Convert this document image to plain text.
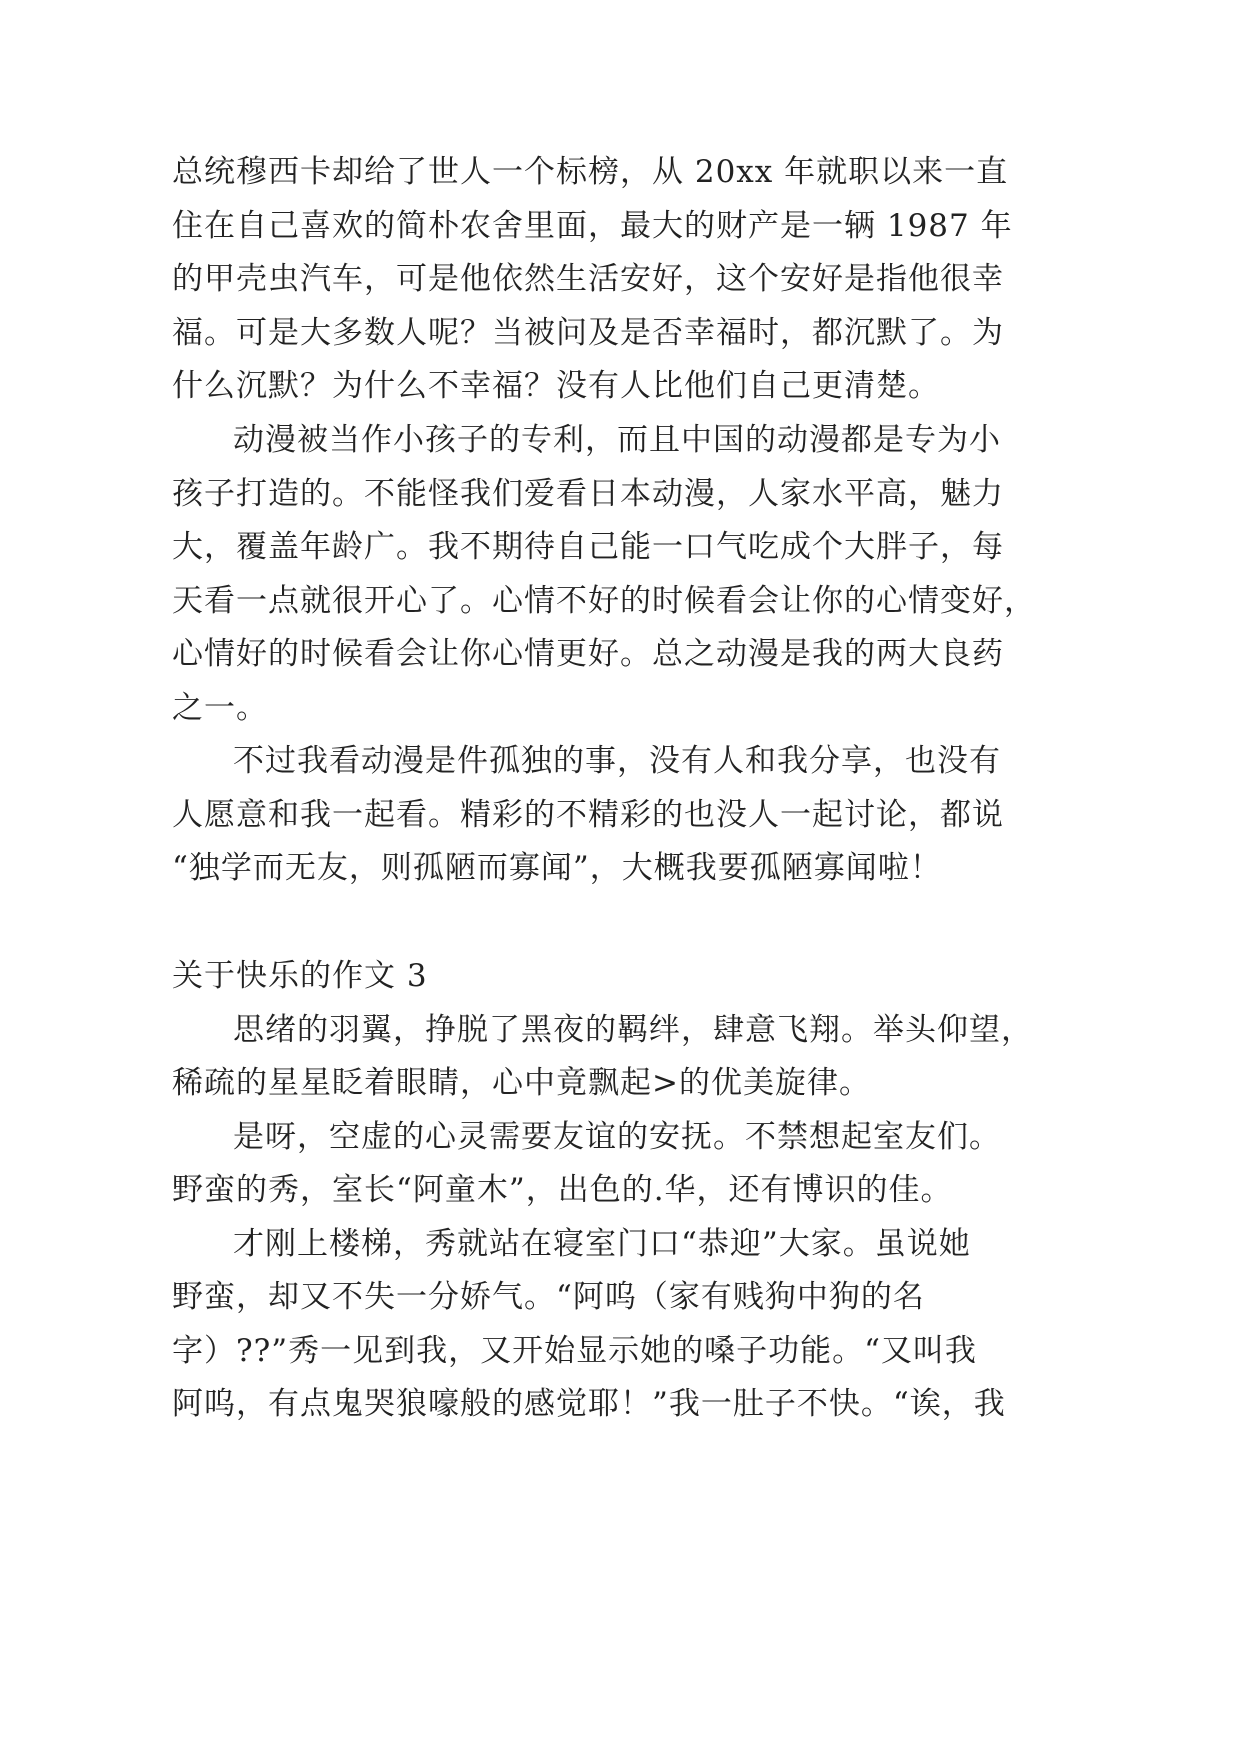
总统穆西卡却给了世人一个标榜，从 20xx 年就职以来一直
住在自己喜欢的简朴农舍里面，最大的财产是一辆 1987 年
的甲壳虫汽车，可是他依然生活安好，这个安好是指他很幸
福。可是大多数人呢？当被问及是否幸福时，都沉默了。为
什么沉默？为什么不幸福？没有人比他们自己更清楚。
动漫被当作小孩子的专利，而且中国的动漫都是专为小
孩子打造的。不能怪我们爱看日本动漫，人家水平高，魅力
大，覆盖年龄广。我不期待自己能一口气吃成个大胖子，每
天看一点就很开心了。心情不好的时候看会让你的心情变好，
心情好的时候看会让你心情更好。总之动漫是我的两大良药
之一。
不过我看动漫是件孤独的事，没有人和我分享，也没有
人愿意和我一起看。精彩的不精彩的也没人一起讨论，都说
“独学而无友，则孤陋而寡闻”，大概我要孤陋寡闻啦！
关于快乐的作文 3
思绪的羽翼，挣脱了黑夜的羁绊，肆意飞翔。举头仰望，
稀疏的星星眨着眼睛，心中竟飘起>的优美旋律。
是呀，空虚的心灵需要友谊的安抚。不禁想起室友们。
野蛮的秀，室长“阿童木”，出色的.华，还有博识的佳。
才刚上楼梯，秀就站在寝室门口“恭迎”大家。虽说她
野蛮，却又不失一分娇气。“阿呜（家有贱狗中狗的名
字）??”秀一见到我，又开始显示她的嗓子功能。“又叫我
阿呜，有点鬼哭狼嚎般的感觉耶！”我一肚子不快。“诶，我
